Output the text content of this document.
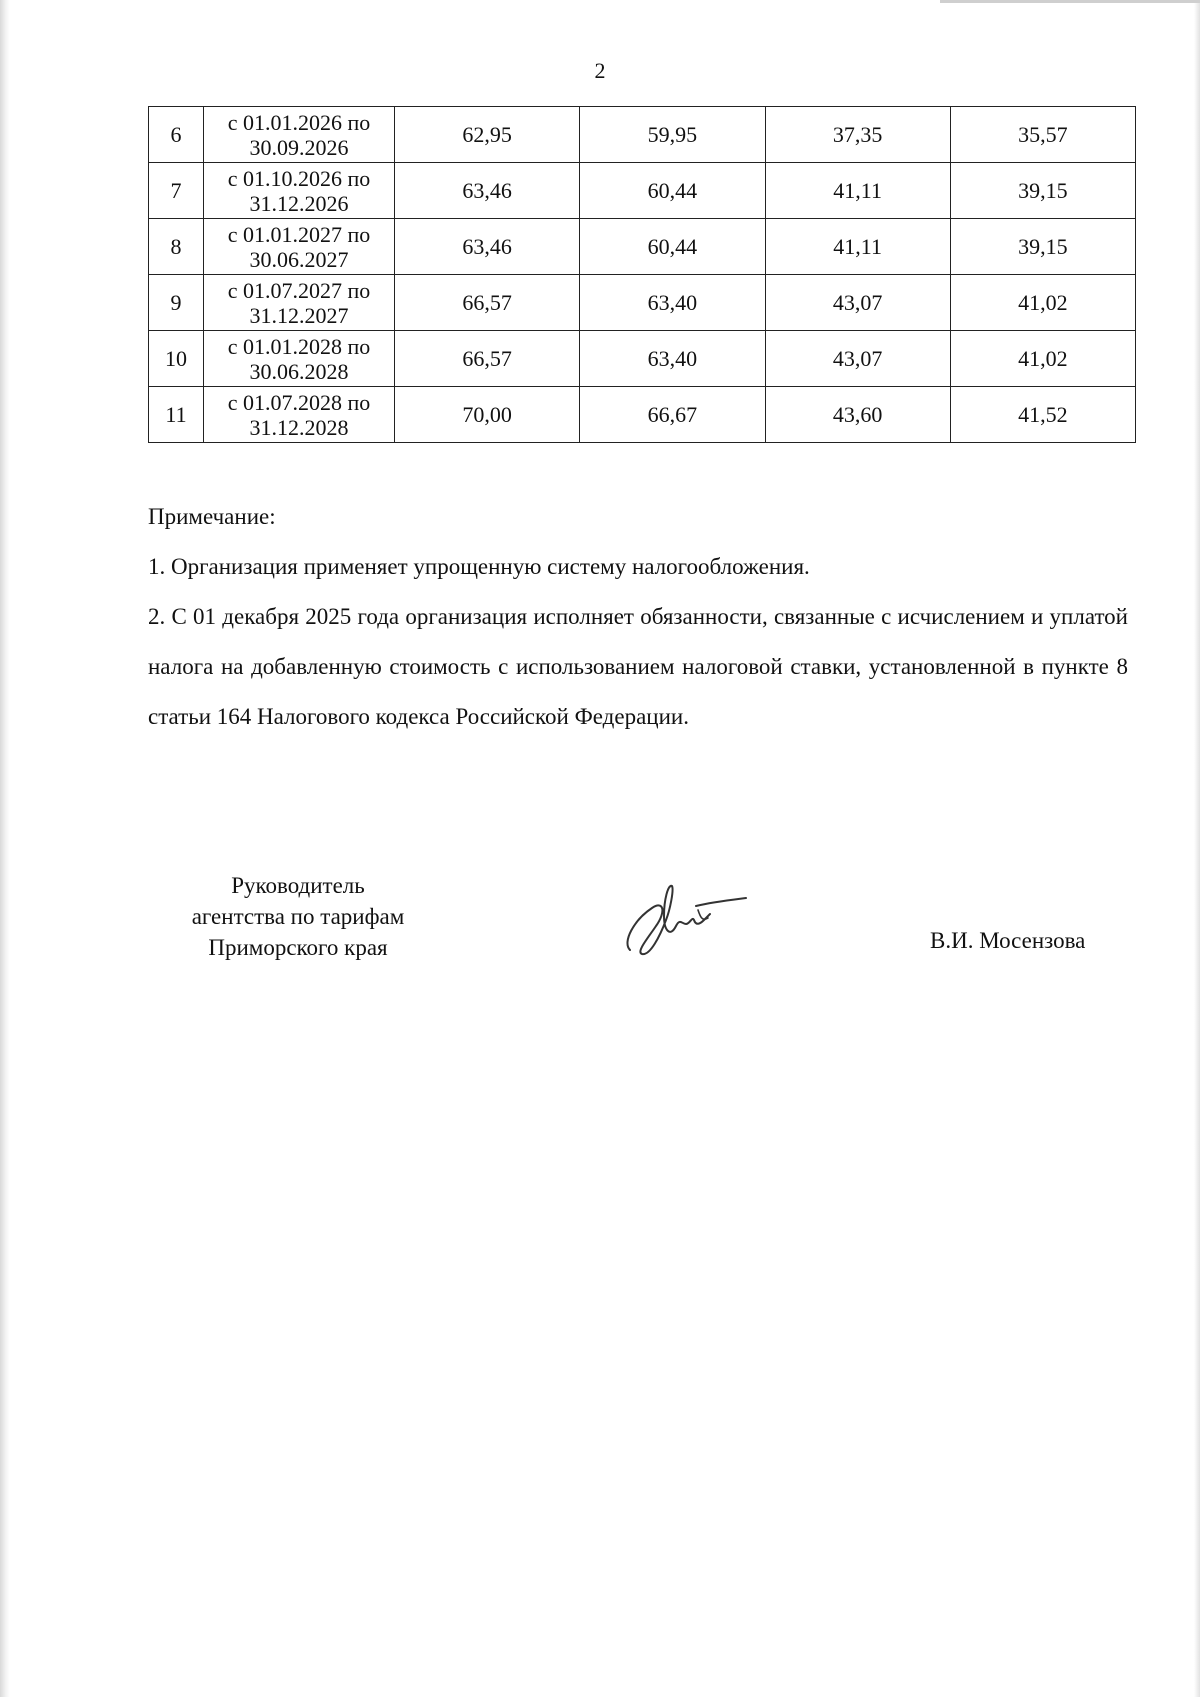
2
6	с 01.01.2026 по
30.09.2026	62,95	59,95	37,35	35,57
7	с 01.10.2026 по
31.12.2026	63,46	60,44	41,11	39,15
8	с 01.01.2027 по
30.06.2027	63,46	60,44	41,11	39,15
9	с 01.07.2027 по
31.12.2027	66,57	63,40	43,07	41,02
10	с 01.01.2028 по
30.06.2028	66,57	63,40	43,07	41,02
11	с 01.07.2028 по
31.12.2028	70,00	66,67	43,60	41,52

Примечание:

1. Организация применяет упрощенную систему налогообложения.

2. С 01 декабря 2025 года организация исполняет обязанности, связанные с исчислением и уплатой налога на добавленную стоимость с использованием налоговой ставки, установленной в пункте 8 статьи 164 Налогового кодекса Российской Федерации.

Руководитель
агентства по тарифам
Приморского края	В.И. Мосензова
